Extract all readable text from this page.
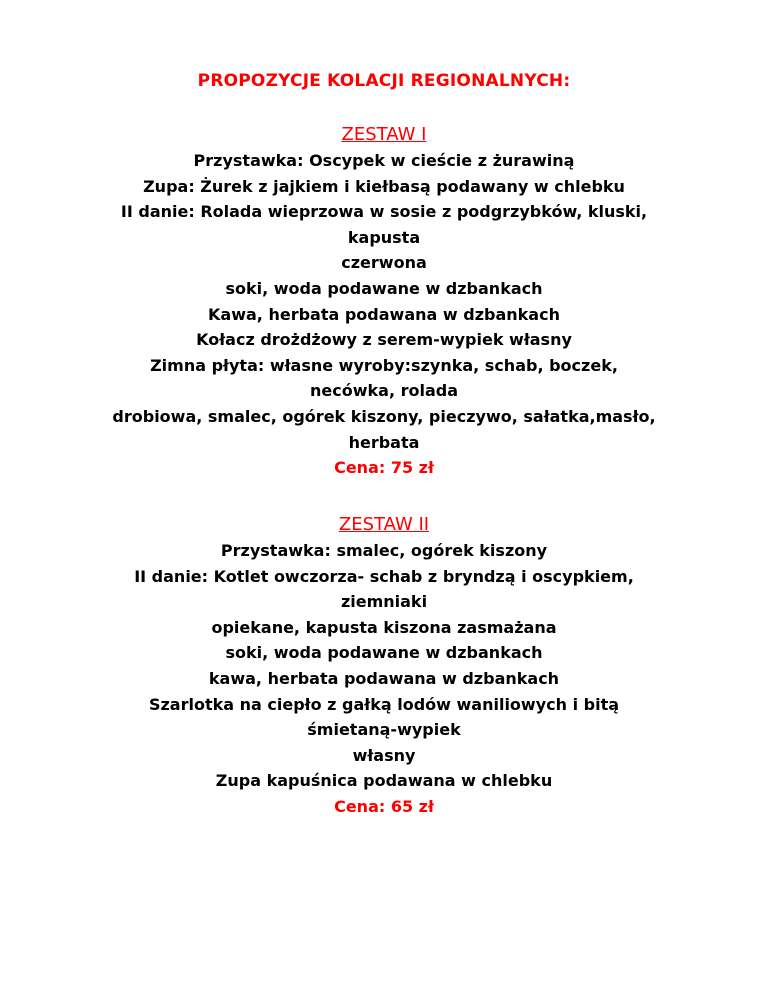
PROPOZYCJE KOLACJI REGIONALNYCH:
ZESTAW I
Przystawka: Oscypek w cieście z żurawiną
Zupa: Żurek z jajkiem i kiełbasą podawany w chlebku
II danie: Rolada wieprzowa w sosie z podgrzybków, kluski,
kapusta
czerwona
soki, woda podawane w dzbankach
Kawa, herbata podawana w dzbankach
Kołacz drożdżowy z serem-wypiek własny
Zimna płyta: własne wyroby:szynka, schab, boczek,
necówka, rolada
drobiowa, smalec, ogórek kiszony, pieczywo, sałatka,masło,
herbata
Cena: 75 zł
ZESTAW II
Przystawka: smalec, ogórek kiszony
II danie: Kotlet owczorza- schab z bryndzą i oscypkiem,
ziemniaki
opiekane, kapusta kiszona zasmażana
soki, woda podawane w dzbankach
kawa, herbata podawana w dzbankach
Szarlotka na ciepło z gałką lodów waniliowych i bitą
śmietaną-wypiek
własny
Zupa kapuśnica podawana w chlebku
Cena: 65 zł
